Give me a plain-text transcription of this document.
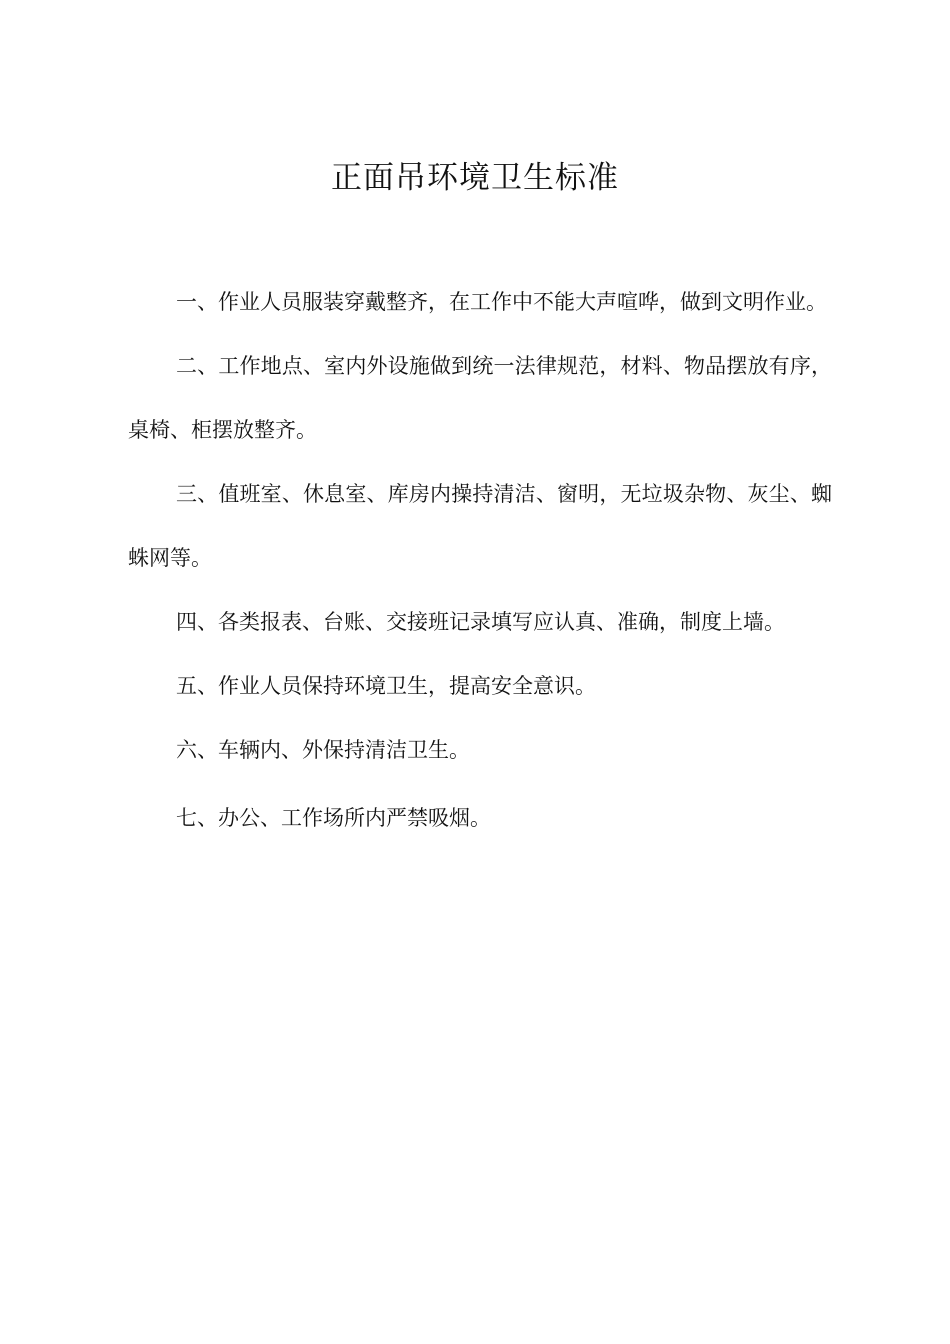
正面吊环境卫生标准

一、作业人员服装穿戴整齐，在工作中不能大声喧哗，做到文明作业。

二、工作地点、室内外设施做到统一法律规范，材料、物品摆放有序，桌椅、柜摆放整齐。

三、值班室、休息室、库房内操持清洁、窗明，无垃圾杂物、灰尘、蜘蛛网等。

四、各类报表、台账、交接班记录填写应认真、准确，制度上墙。

五、作业人员保持环境卫生，提高安全意识。

六、车辆内、外保持清洁卫生。

七、办公、工作场所内严禁吸烟。
